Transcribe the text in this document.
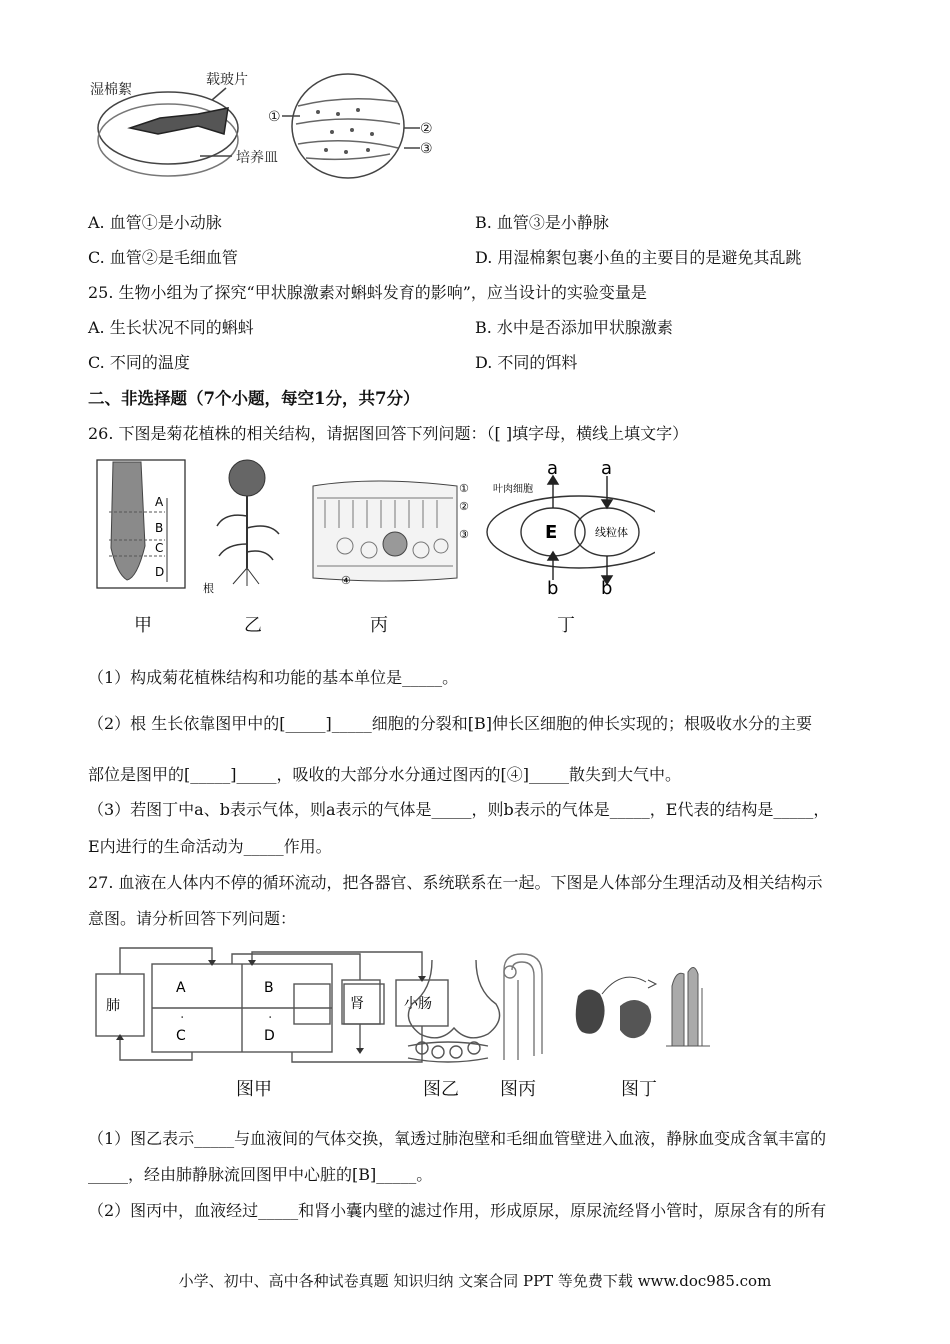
湿棉絮
载玻片
培养皿
①
②
③
A. 血管①是小动脉	B. 血管③是小静脉
C. 血管②是毛细血管	D. 用湿棉絮包裹小鱼的主要目的是避免其乱跳
25. 生物小组为了探究“甲状腺激素对蝌蚪发育的影响”，应当设计的实验变量是
A. 生长状况不同的蝌蚪	B. 水中是否添加甲状腺激素
C. 不同的温度	D. 不同的饵料
二、非选择题（7个小题，每空1分，共7分）
26. 下图是菊花植株的相关结构，请据图回答下列问题：（[ ]填字母，横线上填文字）
A
B
C
D
根
①
②
③
④
叶肉细胞
E	线粒体
a a
b b
甲	乙	丙	丁
（1）构成菊花植株结构和功能的基本单位是_____。
（2）根 生长依靠图甲中的[_____]_____细胞的分裂和[B]伸长区细胞的伸长实现的；根吸收水分的主要
部位是图甲的[_____]_____，吸收的大部分水分通过图丙的[④]_____散失到大气中。
（3）若图丁中a、b表示气体，则a表示的气体是_____，则b表示的气体是_____，E代表的结构是_____，
E内进行的生命活动为_____作用。
27. 血液在人体内不停的循环流动，把各器官、系统联系在一起。下图是人体部分生理活动及相关结构示
意图。请分析回答下列问题：
肺
A
·
C
B
·
D
肾	小肠
图甲	图乙 图丙	图丁
（1）图乙表示_____与血液间的气体交换，氧透过肺泡壁和毛细血管壁进入血液，静脉血变成含氧丰富的
_____，经由肺静脉流回图甲中心脏的[B]_____。
（2）图丙中，血液经过_____和肾小囊内壁的滤过作用，形成原尿，原尿流经肾小管时，原尿含有的所有
小学、初中、高中各种试卷真题 知识归纳 文案合同 PPT 等免费下载 www.doc985.com
